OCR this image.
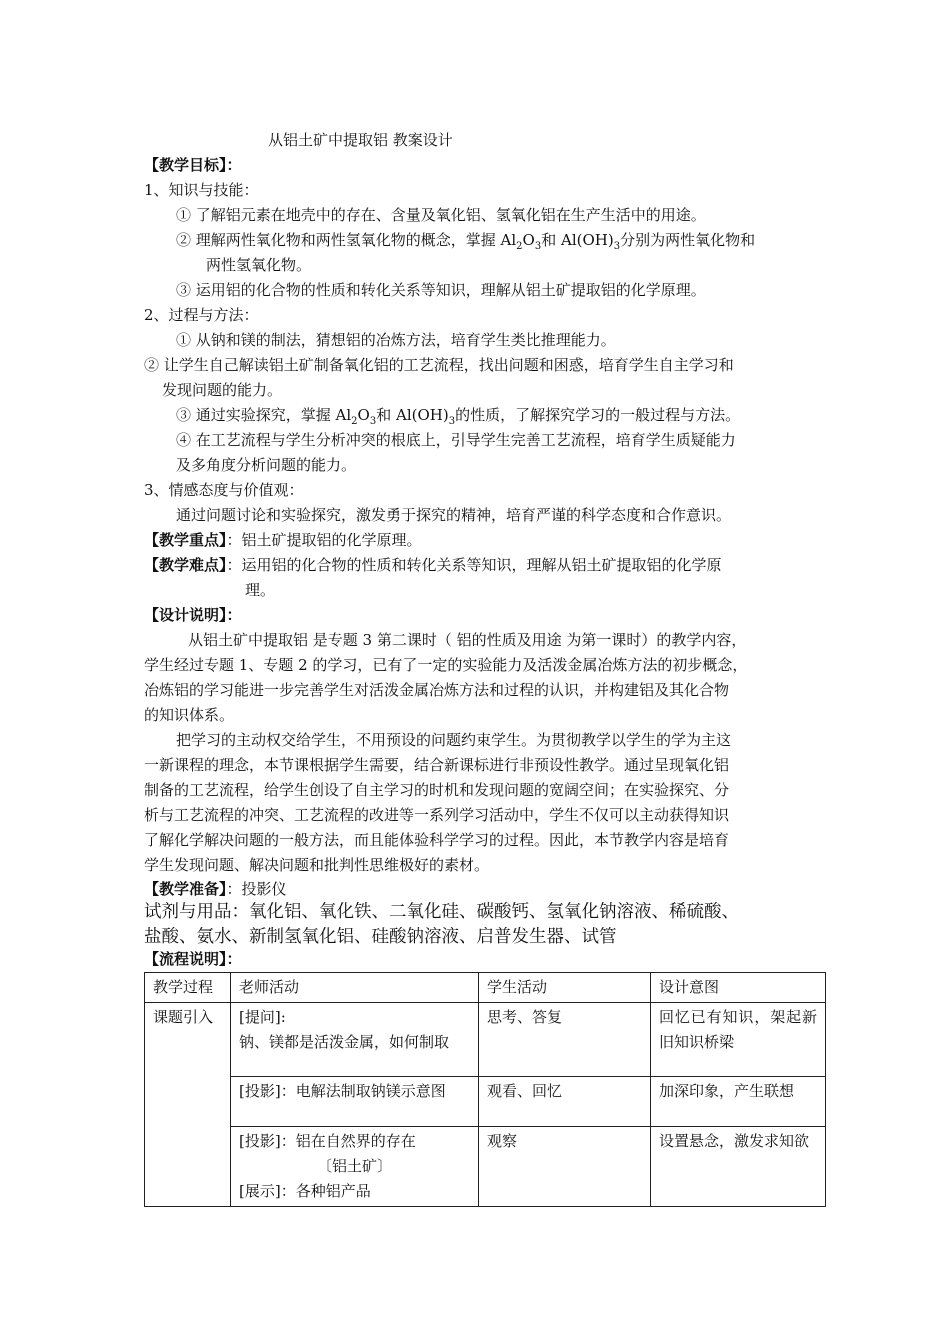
从铝土矿中提取铝 教案设计
【教学目标】：
1、知识与技能：
① 了解铝元素在地壳中的存在、含量及氧化铝、氢氧化铝在生产生活中的用途。
② 理解两性氧化物和两性氢氧化物的概念，掌握 $Al_2O_3$和 $Al(OH)_3$分别为两性氧化物和
两性氢氧化物。
③ 运用铝的化合物的性质和转化关系等知识，理解从铝土矿提取铝的化学原理。
2、过程与方法：
① 从钠和镁的制法，猜想铝的冶炼方法，培育学生类比推理能力。
② 让学生自己解读铝土矿制备氧化铝的工艺流程，找出问题和困惑，培育学生自主学习和
发现问题的能力。
③ 通过实验探究，掌握 $Al_2O_3$和 $Al(OH)_3$的性质，了解探究学习的一般过程与方法。
④ 在工艺流程与学生分析冲突的根底上，引导学生完善工艺流程，培育学生质疑能力
及多角度分析问题的能力。
3、情感态度与价值观：
通过问题讨论和实验探究，激发勇于探究的精神，培育严谨的科学态度和合作意识。
【教学重点】：铝土矿提取铝的化学原理。
【教学难点】：运用铝的化合物的性质和转化关系等知识，理解从铝土矿提取铝的化学原
理。
【设计说明】：
从铝土矿中提取铝 是专题 3 第二课时（ 铝的性质及用途 为第一课时）的教学内容，
学生经过专题 1、专题 2 的学习，已有了一定的实验能力及活泼金属冶炼方法的初步概念，
冶炼铝的学习能进一步完善学生对活泼金属冶炼方法和过程的认识，并构建铝及其化合物
的知识体系。
把学习的主动权交给学生，不用预设的问题约束学生。为贯彻教学以学生的学为主这
一新课程的理念，本节课根据学生需要，结合新课标进行非预设性教学。通过呈现氧化铝
制备的工艺流程，给学生创设了自主学习的时机和发现问题的宽阔空间；在实验探究、分
析与工艺流程的冲突、工艺流程的改进等一系列学习活动中，学生不仅可以主动获得知识
了解化学解决问题的一般方法，而且能体验科学学习的过程。因此，本节教学内容是培育
学生发现问题、解决问题和批判性思维极好的素材。
【教学准备】：投影仪
试剂与用品：氧化铝、氧化铁、二氧化硅、碳酸钙、氢氧化钠溶液、稀硫酸、
盐酸、氨水、新制氢氧化铝、硅酸钠溶液、启普发生器、试管
【流程说明】：
教学过程	老师活动	学生活动	设计意图
课题引入	[提问]:
钠、镁都是活泼金属，如何制取	思考、答复	回忆已有知识，架起新旧知识桥梁
	[投影]：电解法制取钠镁示意图	观看、回忆	加深印象，产生联想

	[投影]：铝在自然界的存在
〔铝土矿〕
[展示]：各种铝产品	观察	设置悬念，激发求知欲
